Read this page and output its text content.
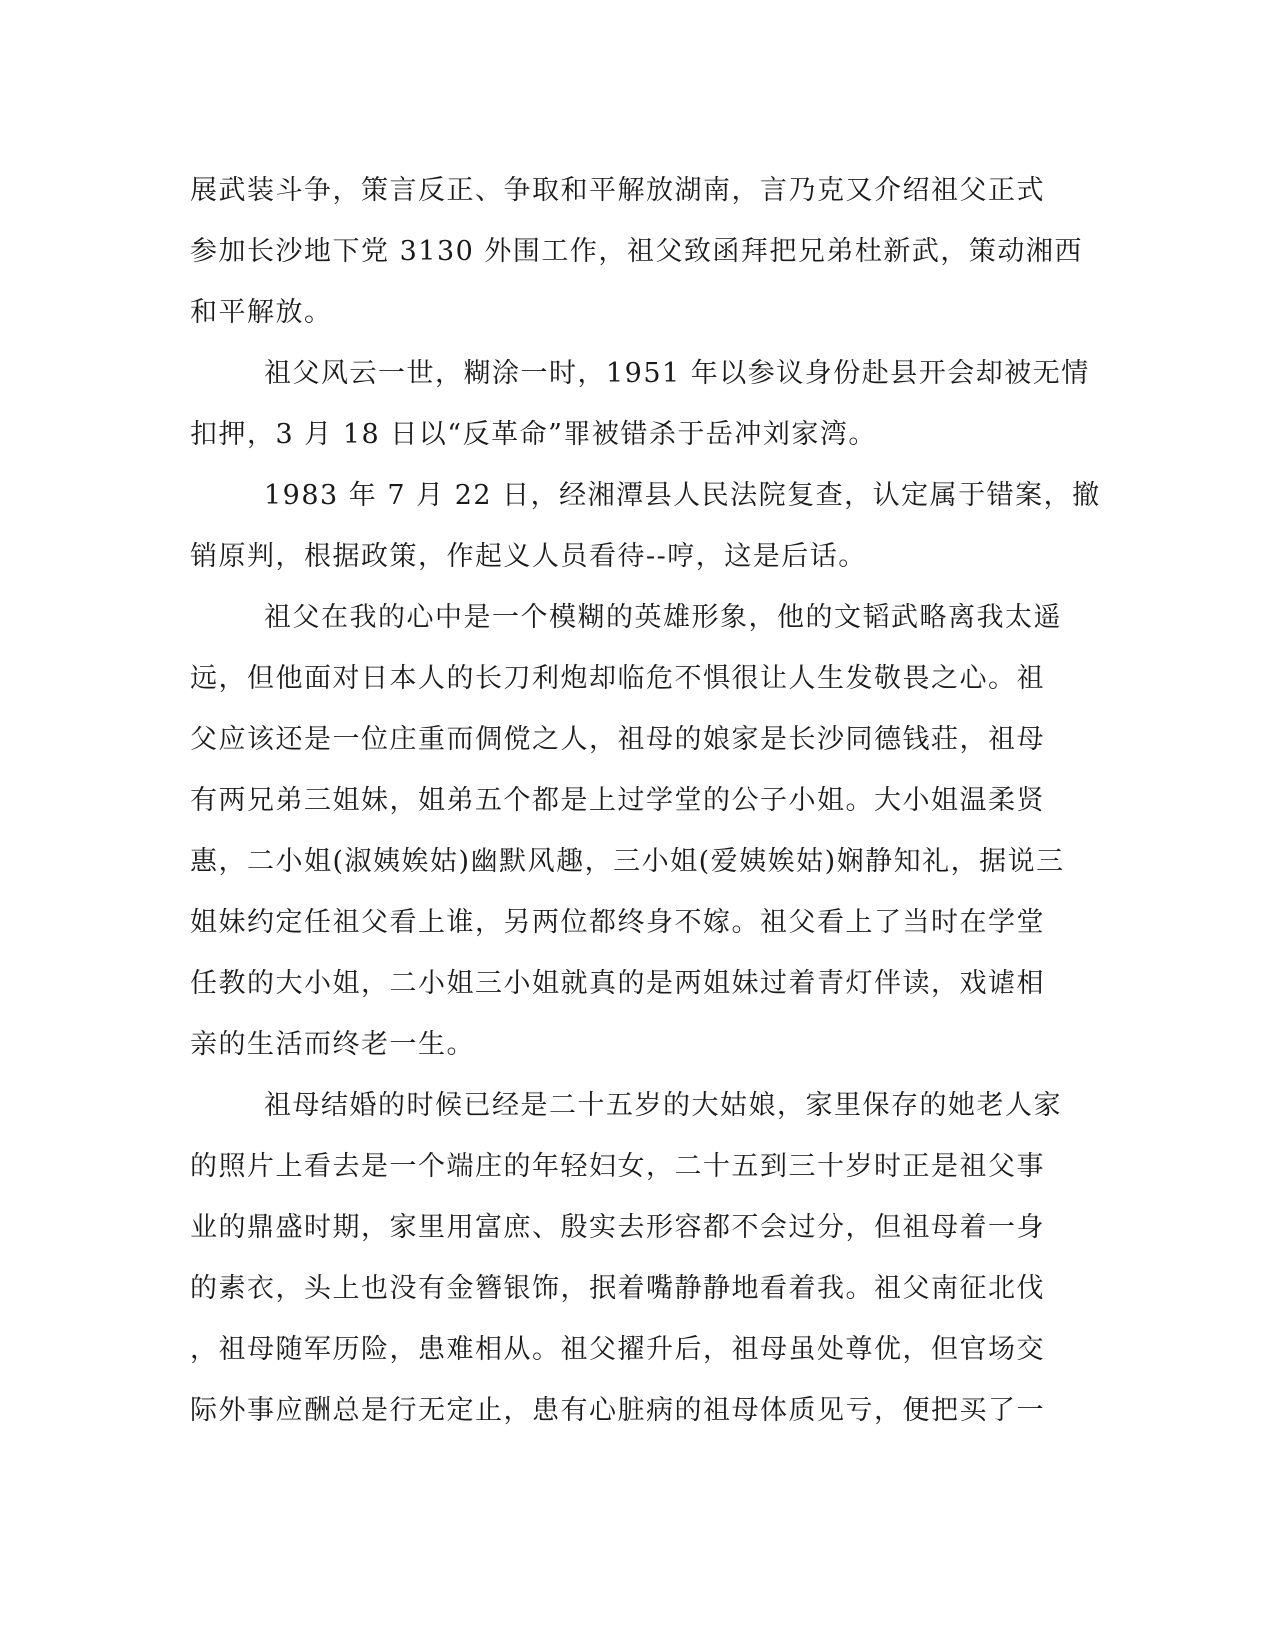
展武装斗争，策言反正、争取和平解放湖南，言乃克又介绍祖父正式
参加长沙地下党 3130 外围工作，祖父致函拜把兄弟杜新武，策动湘西
和平解放。
祖父风云一世，糊涂一时，1951 年以参议身份赴县开会却被无情
扣押，3 月 18 日以“反革命”罪被错杀于岳冲刘家湾。
1983 年 7 月 22 日，经湘潭县人民法院复查，认定属于错案，撤
销原判，根据政策，作起义人员看待--哼，这是后话。
祖父在我的心中是一个模糊的英雄形象，他的文韬武略离我太遥
远，但他面对日本人的长刀利炮却临危不惧很让人生发敬畏之心。祖
父应该还是一位庄重而倜傥之人，祖母的娘家是长沙同德钱荘，祖母
有两兄弟三姐妹，姐弟五个都是上过学堂的公子小姐。大小姐温柔贤
惠，二小姐(淑姨娭姑)幽默风趣，三小姐(爱姨娭姑)娴静知礼，据说三
姐妹约定任祖父看上谁，另两位都终身不嫁。祖父看上了当时在学堂
任教的大小姐，二小姐三小姐就真的是两姐妹过着青灯伴读，戏谑相
亲的生活而终老一生。
祖母结婚的时候已经是二十五岁的大姑娘，家里保存的她老人家
的照片上看去是一个端庄的年轻妇女，二十五到三十岁时正是祖父事
业的鼎盛时期，家里用富庶、殷实去形容都不会过分，但祖母着一身
的素衣，头上也没有金簪银饰，抿着嘴静静地看着我。祖父南征北伐
，祖母随军历险，患难相从。祖父擢升后，祖母虽处尊优，但官场交
际外事应酬总是行无定止，患有心脏病的祖母体质见亏，便把买了一
